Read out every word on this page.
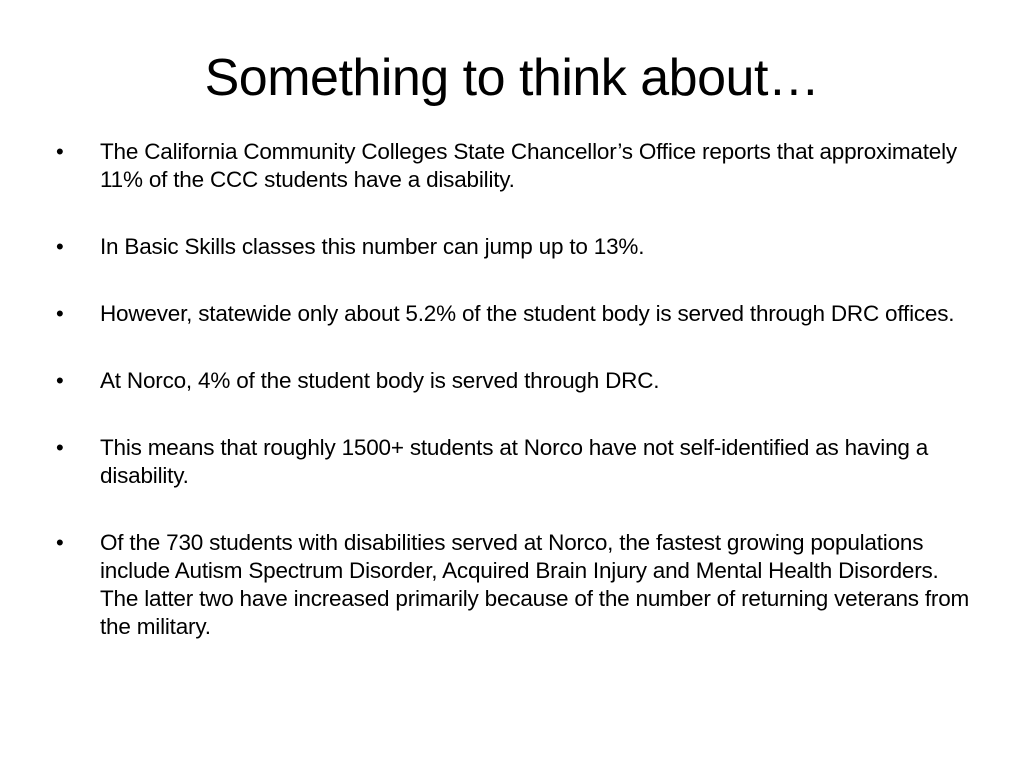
Something to think about…
•	The California Community Colleges State Chancellor’s Office reports that approximately 11% of the CCC students have a disability.
•	In Basic Skills classes this number can jump up to 13%.
•	However, statewide only about 5.2% of the student body is served through DRC offices.
•	At Norco, 4% of the student body is served through DRC.
•	This means that roughly 1500+ students at Norco have not self-identified as having a disability.
•	Of the 730 students with disabilities served at Norco, the fastest growing populations include Autism Spectrum Disorder, Acquired Brain Injury and Mental Health Disorders. The latter two have increased primarily because of the number of returning veterans from the military.
